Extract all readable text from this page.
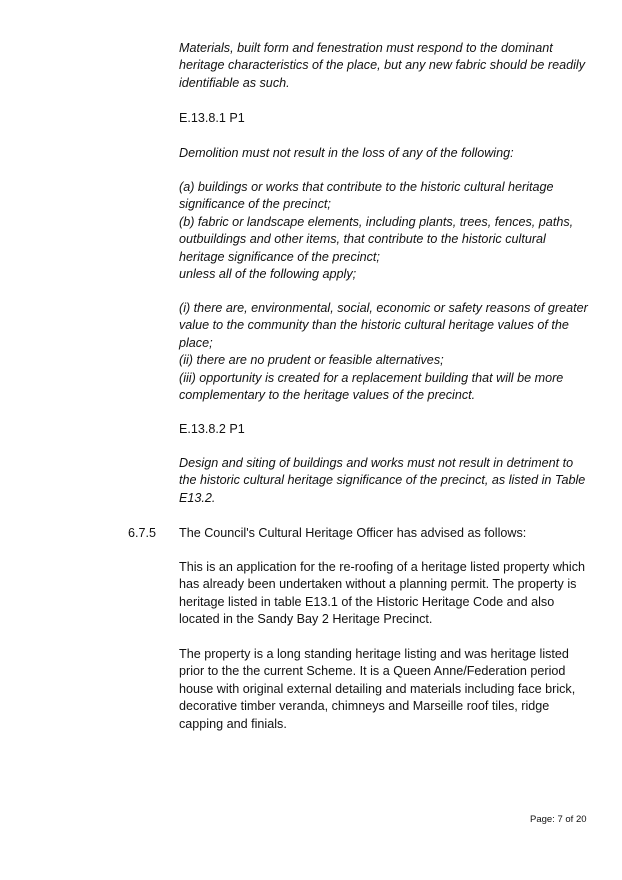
Materials, built form and fenestration must respond to the dominant heritage characteristics of the place, but any new fabric should be readily identifiable as such.

E.13.8.1 P1

Demolition must not result in the loss of any of the following:

(a) buildings or works that contribute to the historic cultural heritage significance of the precinct;
(b) fabric or landscape elements, including plants, trees, fences, paths, outbuildings and other items, that contribute to the historic cultural heritage significance of the precinct;
unless all of the following apply;
(i) there are, environmental, social, economic or safety reasons of greater value to the community than the historic cultural heritage values of the place;
(ii) there are no prudent or feasible alternatives;
(iii) opportunity is created for a replacement building that will be more complementary to the heritage values of the precinct.

E.13.8.2 P1

Design and siting of buildings and works must not result in detriment to the historic cultural heritage significance of the precinct, as listed in Table E13.2.

6.7.5 The Council's Cultural Heritage Officer has advised as follows:

This is an application for the re-roofing of a heritage listed property which has already been undertaken without a planning permit. The property is heritage listed in table E13.1 of the Historic Heritage Code and also located in the Sandy Bay 2 Heritage Precinct.

The property is a long standing heritage listing and was heritage listed prior to the the current Scheme. It is a Queen Anne/Federation period house with original external detailing and materials including face brick, decorative timber veranda, chimneys and Marseille roof tiles, ridge capping and finials.

Page: 7 of 20
